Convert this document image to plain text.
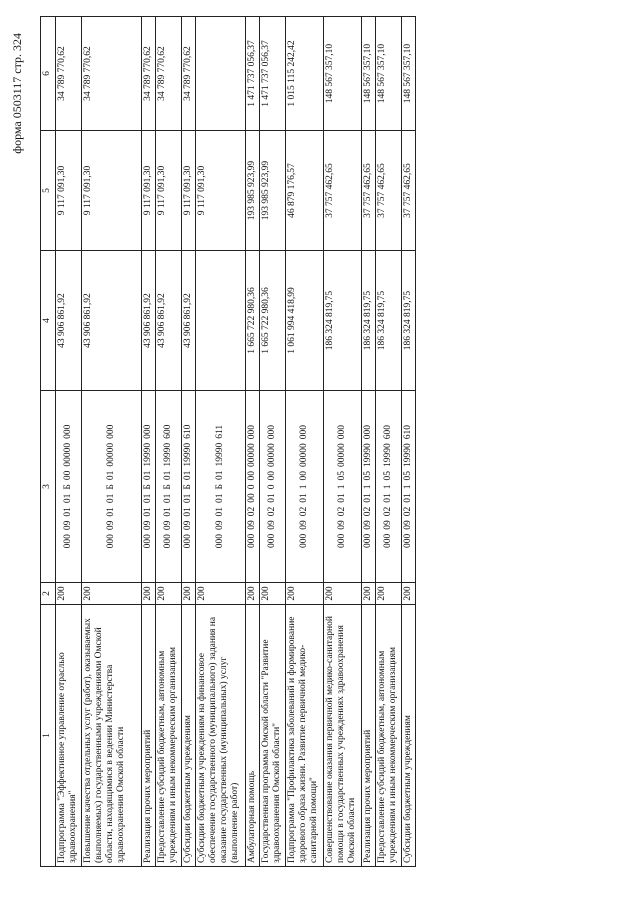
форма 0503117 стр. 324
1	2	3	4	5	6
Подпрограмма "Эффективное управление отраслью здравоохранения"	200	000090101Б0000000000	43 906 861,92	9 117 091,30	34 789 770,62
Повышение качества отдельных услуг (работ), оказываемых (выполняемых) государственными учреждениями Омской области, находящимися в ведении Министерства здравоохранения Омской области	200	000090101Б0100000000	43 906 861,92	9 117 091,30	34 789 770,62
Реализация прочих мероприятий	200	000090101Б0119990000	43 906 861,92	9 117 091,30	34 789 770,62
Предоставление субсидий бюджетным, автономным учреждениям и иным некоммерческим организациям	200	000090101Б0119990600	43 906 861,92	9 117 091,30	34 789 770,62
Субсидии бюджетным учреждениям	200	000090101Б0119990610	43 906 861,92	9 117 091,30	34 789 770,62
Субсидии бюджетным учреждениям на финансовое обеспечение государственного (муниципального) задания на оказание государственных (муниципальных) услуг (выполнение работ)	200	000090101Б0119990611		9 117 091,30	
Амбулаторная помощь	200	00009020000000000000	1 665 722 980,36	193 985 923,99	1 471 737 056,37
Государственная программа Омской области "Развитие здравоохранения Омской области"	200	00009020100000000000	1 665 722 980,36	193 985 923,99	1 471 737 056,37
Подпрограмма "Профилактика заболеваний и формирование здорового образа жизни. Развитие первичной медико-санитарной помощи"	200	00009020110000000000	1 061 994 418,99	46 879 176,57	1 015 115 242,42
Совершенствование оказания первичной медико-санитарной помощи в государственных учреждениях здравоохранения Омской области	200	00009020110500000000	186 324 819,75	37 757 462,65	148 567 357,10
Реализация прочих мероприятий	200	00009020110519990000	186 324 819,75	37 757 462,65	148 567 357,10
Предоставление субсидий бюджетным, автономным учреждениям и иным некоммерческим организациям	200	00009020110519990600	186 324 819,75	37 757 462,65	148 567 357,10
Субсидии бюджетным учреждениям	200	00009020110519990610	186 324 819,75	37 757 462,65	148 567 357,10
